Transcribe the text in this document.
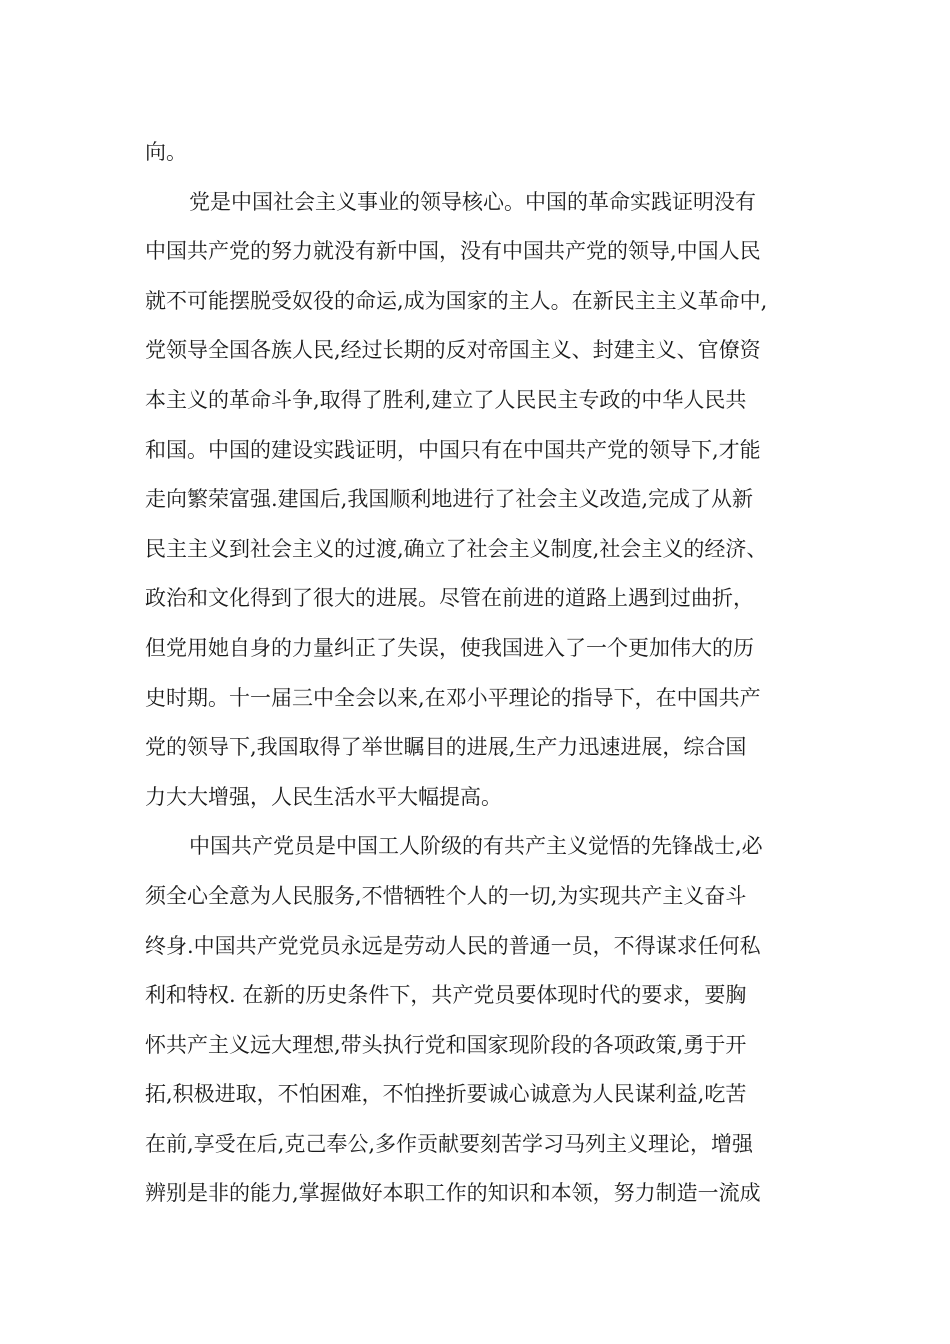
向。
党是中国社会主义事业的领导核心。中国的革命实践证明没有
中国共产党的努力就没有新中国，没有中国共产党的领导,中国人民
就不可能摆脱受奴役的命运,成为国家的主人。在新民主主义革命中,
党领导全国各族人民,经过长期的反对帝国主义、封建主义、官僚资
本主义的革命斗争,取得了胜利,建立了人民民主专政的中华人民共
和国。中国的建设实践证明，中国只有在中国共产党的领导下,才能
走向繁荣富强.建国后,我国顺利地进行了社会主义改造,完成了从新
民主主义到社会主义的过渡,确立了社会主义制度,社会主义的经济、
政治和文化得到了很大的进展。尽管在前进的道路上遇到过曲折，
但党用她自身的力量纠正了失误，使我国进入了一个更加伟大的历
史时期。十一届三中全会以来,在邓小平理论的指导下，在中国共产
党的领导下,我国取得了举世瞩目的进展,生产力迅速进展，综合国
力大大增强，人民生活水平大幅提高。
中国共产党员是中国工人阶级的有共产主义觉悟的先锋战士,必
须全心全意为人民服务,不惜牺牲个人的一切,为实现共产主义奋斗
终身.中国共产党党员永远是劳动人民的普通一员，不得谋求任何私
利和特权. 在新的历史条件下，共产党员要体现时代的要求，要胸
怀共产主义远大理想,带头执行党和国家现阶段的各项政策,勇于开
拓,积极进取，不怕困难，不怕挫折要诚心诚意为人民谋利益,吃苦
在前,享受在后,克己奉公,多作贡献要刻苦学习马列主义理论，增强
辨别是非的能力,掌握做好本职工作的知识和本领，努力制造一流成
